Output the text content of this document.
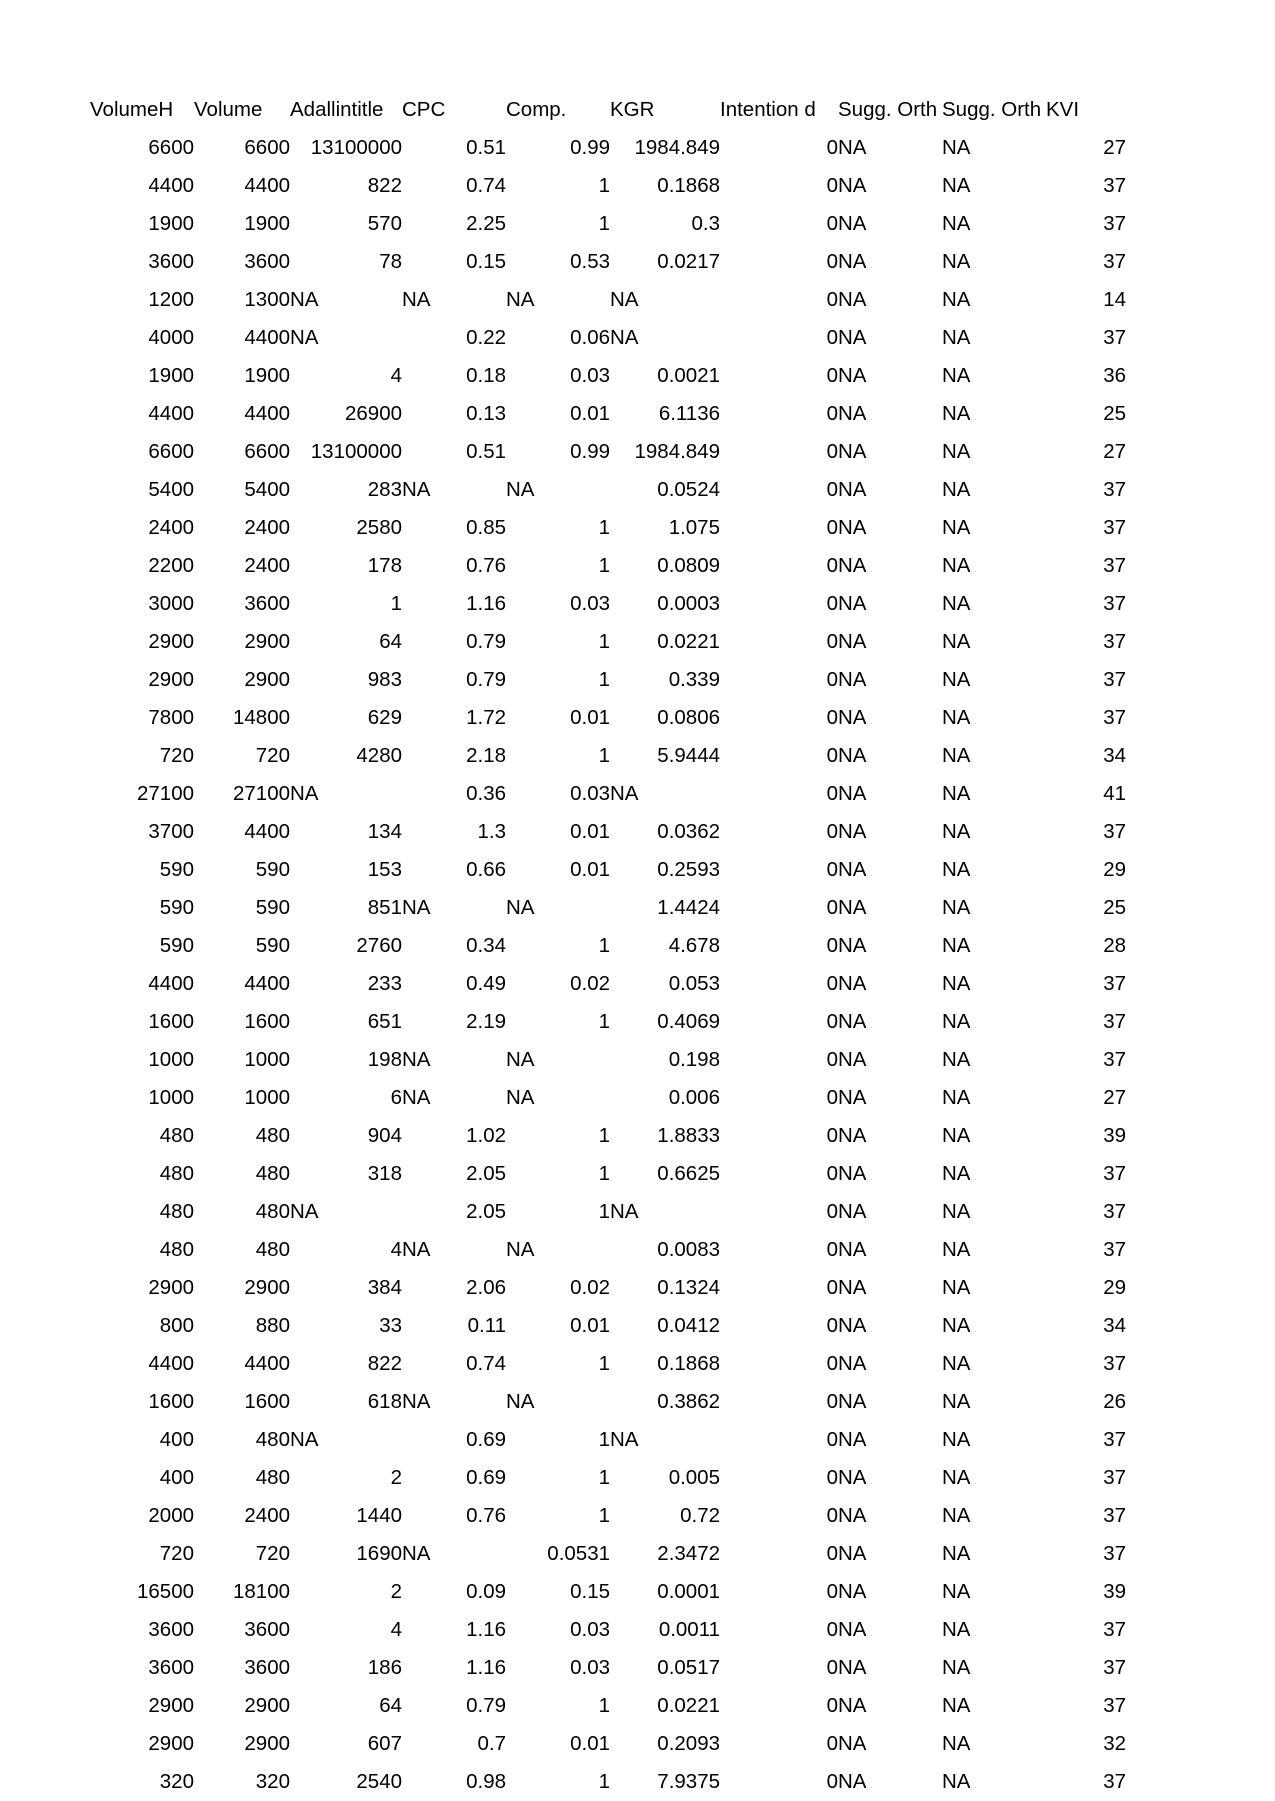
VolumeH	Volume	Adallintitle	CPC	Comp.	KGR	Intention d	Sugg. Orth	Sugg. Orth	KVI
6600	6600	13100000	0.51	0.99	1984.849	0	NA	NA	27
4400	4400	822	0.74	1	0.1868	0	NA	NA	37
1900	1900	570	2.25	1	0.3	0	NA	NA	37
3600	3600	78	0.15	0.53	0.0217	0	NA	NA	37
1200	1300	NA	NA	NA	NA	0	NA	NA	14
4000	4400	NA	0.22	0.06	NA	0	NA	NA	37
1900	1900	4	0.18	0.03	0.0021	0	NA	NA	36
4400	4400	26900	0.13	0.01	6.1136	0	NA	NA	25
6600	6600	13100000	0.51	0.99	1984.849	0	NA	NA	27
5400	5400	283	NA	NA	0.0524	0	NA	NA	37
2400	2400	2580	0.85	1	1.075	0	NA	NA	37
2200	2400	178	0.76	1	0.0809	0	NA	NA	37
3000	3600	1	1.16	0.03	0.0003	0	NA	NA	37
2900	2900	64	0.79	1	0.0221	0	NA	NA	37
2900	2900	983	0.79	1	0.339	0	NA	NA	37
7800	14800	629	1.72	0.01	0.0806	0	NA	NA	37
720	720	4280	2.18	1	5.9444	0	NA	NA	34
27100	27100	NA	0.36	0.03	NA	0	NA	NA	41
3700	4400	134	1.3	0.01	0.0362	0	NA	NA	37
590	590	153	0.66	0.01	0.2593	0	NA	NA	29
590	590	851	NA	NA	1.4424	0	NA	NA	25
590	590	2760	0.34	1	4.678	0	NA	NA	28
4400	4400	233	0.49	0.02	0.053	0	NA	NA	37
1600	1600	651	2.19	1	0.4069	0	NA	NA	37
1000	1000	198	NA	NA	0.198	0	NA	NA	37
1000	1000	6	NA	NA	0.006	0	NA	NA	27
480	480	904	1.02	1	1.8833	0	NA	NA	39
480	480	318	2.05	1	0.6625	0	NA	NA	37
480	480	NA	2.05	1	NA	0	NA	NA	37
480	480	4	NA	NA	0.0083	0	NA	NA	37
2900	2900	384	2.06	0.02	0.1324	0	NA	NA	29
800	880	33	0.11	0.01	0.0412	0	NA	NA	34
4400	4400	822	0.74	1	0.1868	0	NA	NA	37
1600	1600	618	NA	NA	0.3862	0	NA	NA	26
400	480	NA	0.69	1	NA	0	NA	NA	37
400	480	2	0.69	1	0.005	0	NA	NA	37
2000	2400	1440	0.76	1	0.72	0	NA	NA	37
720	720	1690	NA	0.0531	2.3472	0	NA	NA	37
16500	18100	2	0.09	0.15	0.0001	0	NA	NA	39
3600	3600	4	1.16	0.03	0.0011	0	NA	NA	37
3600	3600	186	1.16	0.03	0.0517	0	NA	NA	37
2900	2900	64	0.79	1	0.0221	0	NA	NA	37
2900	2900	607	0.7	0.01	0.2093	0	NA	NA	32
320	320	2540	0.98	1	7.9375	0	NA	NA	37
